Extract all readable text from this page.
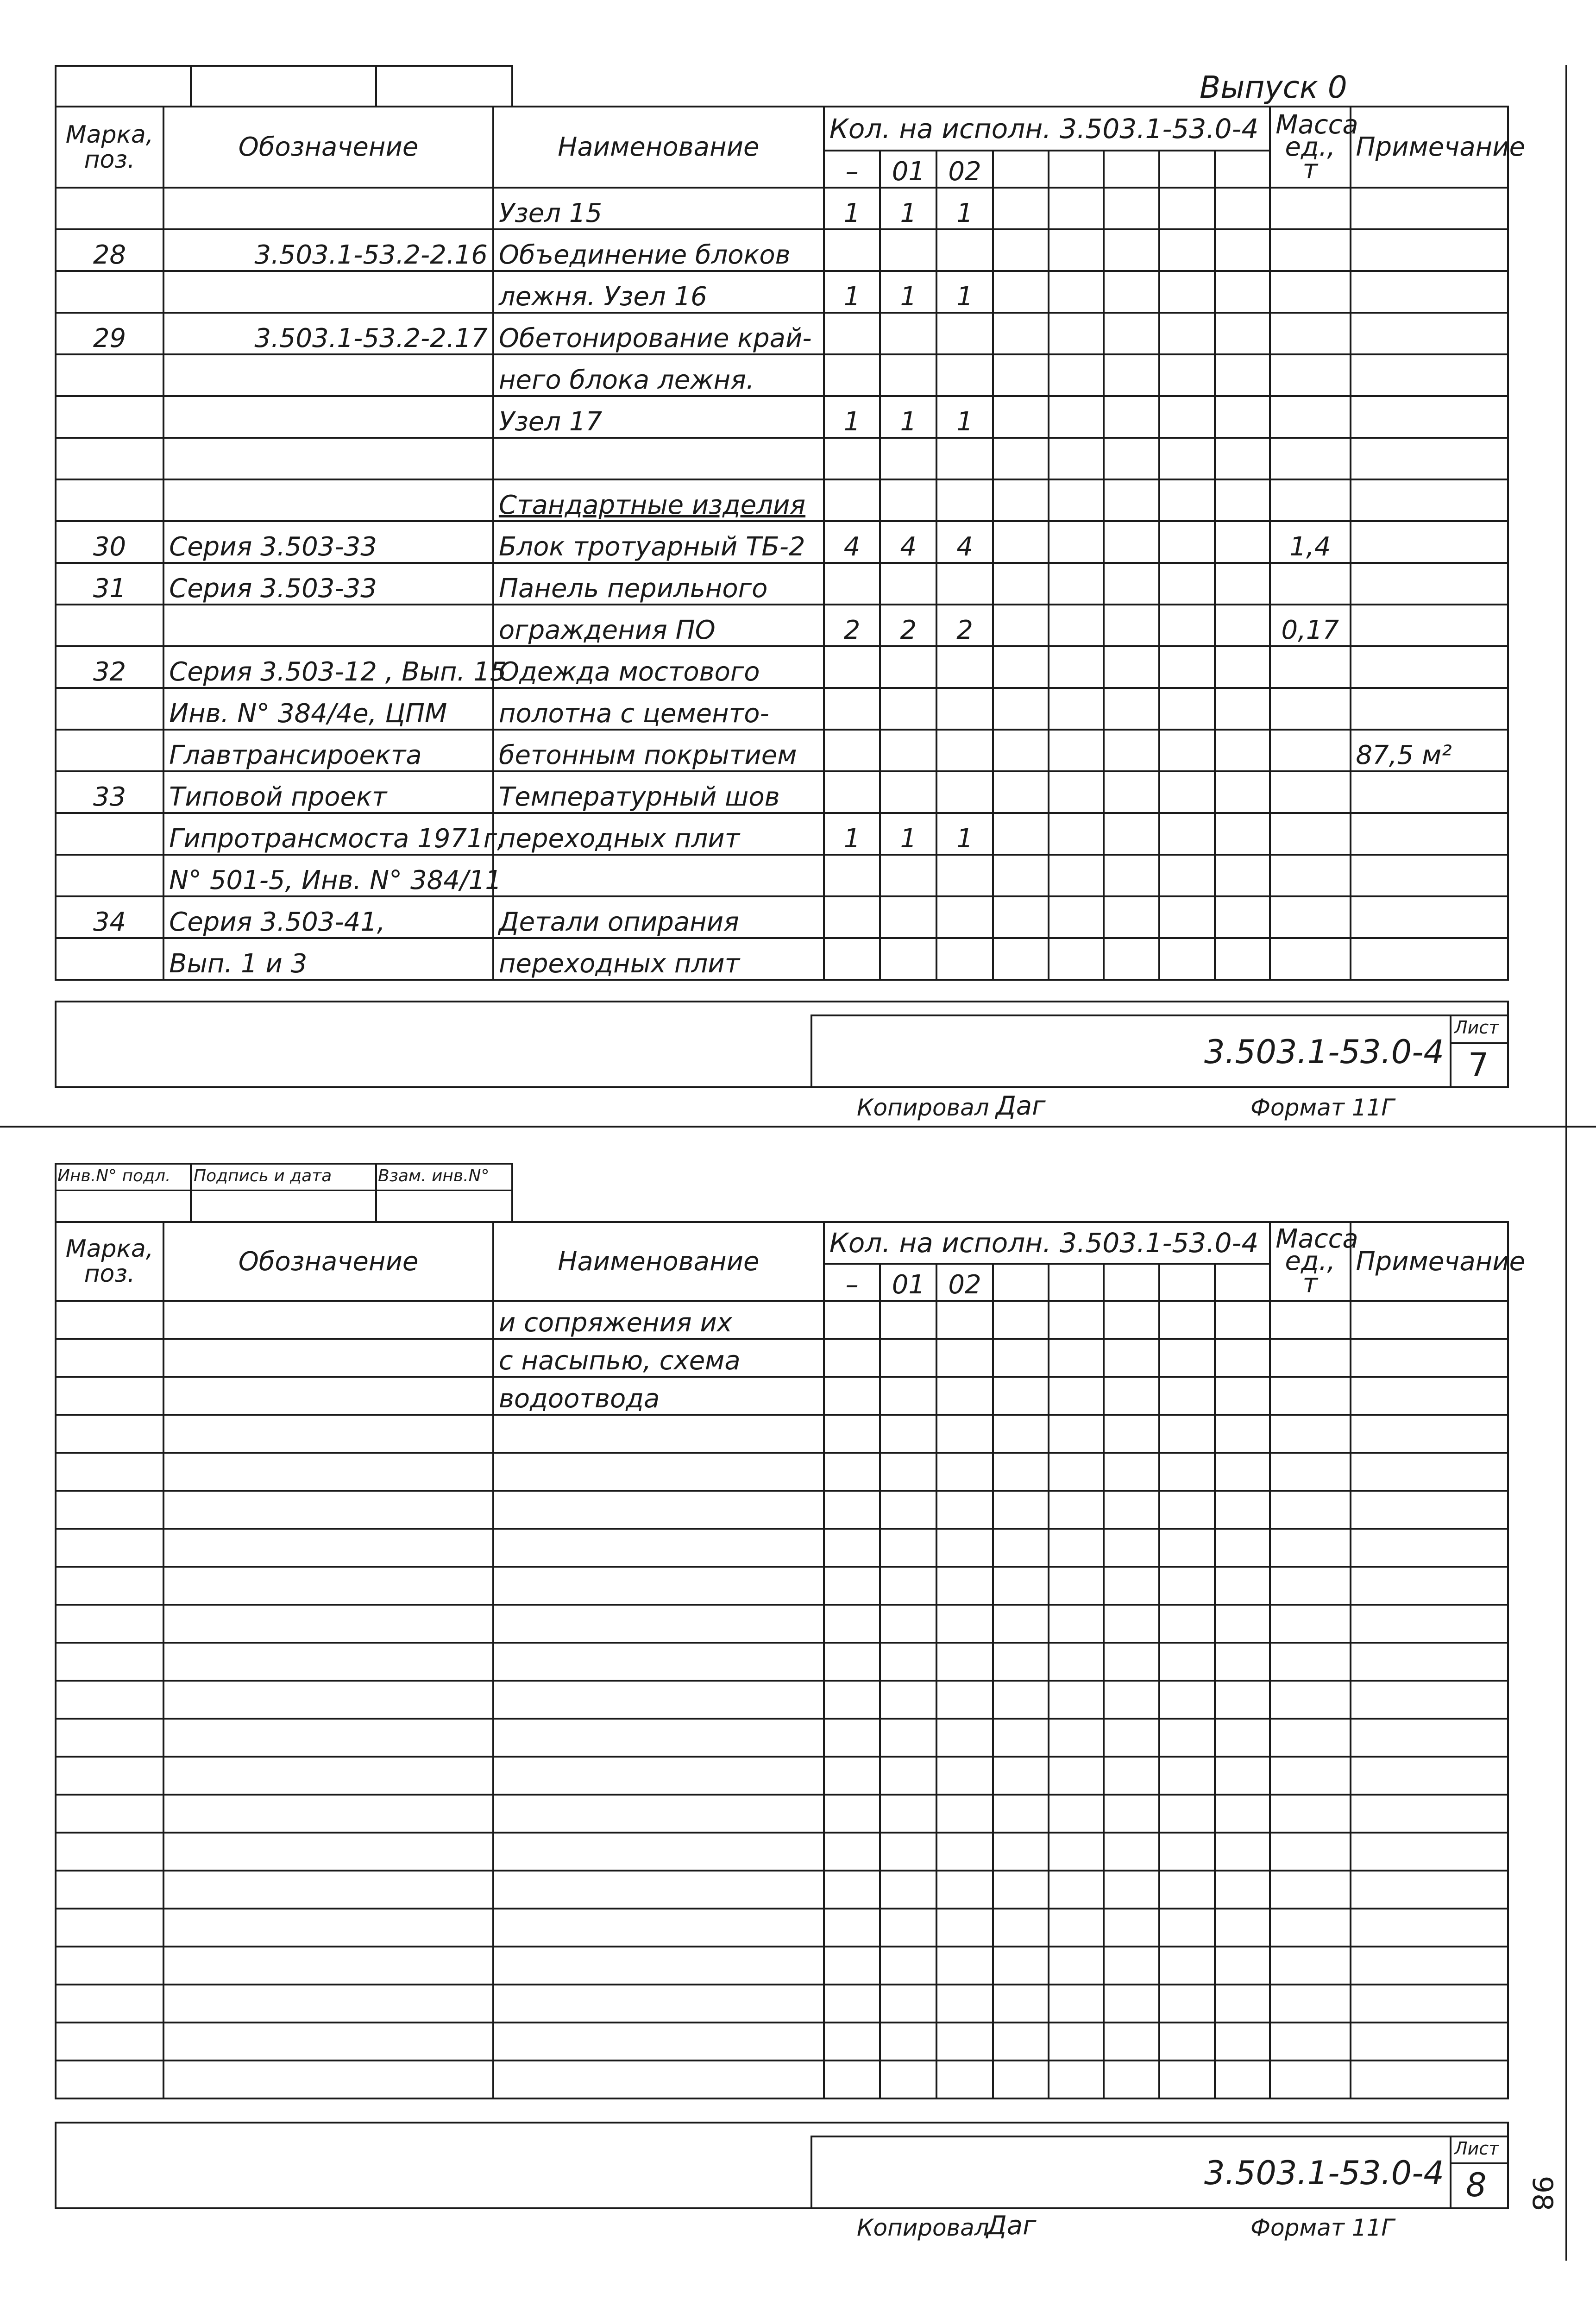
Выпуск 0
Марка, поз.	Обозначение	Наименование	Кол. на исполн. 3.503.1-53.0-4								Масса ед., т	Примечание
			–	01	02							
		Узел 15	1	1	1							
28	3.503.1-53.2-2.16	Объединение блоков										
		лежня. Узел 16	1	1	1							
29	3.503.1-53.2-2.17	Обетонирование край-										
		него блока лежня.										
		Узел 17	1	1	1							

		Стандартные изделия										
30	Серия 3.503-33	Блок тротуарный ТБ-2	4	4	4						1,4	
31	Серия 3.503-33	Панель перильного										
		ограждения ПО	2	2	2						0,17	
32	Серия 3.503-12 , Вып. 15	Одежда мостового										
	Инв. N° 384/4е, ЦПМ	полотна с цементо-										
	Главтрансироекта	бетонным покрытием										87,5 м²
33	Типовой проект	Температурный шов										
	Гипротрансмоста 1971г,	переходных плит	1	1	1							
	N° 501-5, Инв. N° 384/11											
34	Серия 3.503-41,	Детали опирания										
	Вып. 1 и 3	переходных плит										
3.503.1-53.0-4
Лист
7
Копировал Даг	Формат 11Г
Инв.N° подл. Подпись и дата	Взам. инв.N°
Марка, поз.	Обозначение	Наименование	Кол. на исполн. 3.503.1-53.0-4								Масса ед., т	Примечание
			–	01	02							
		и сопряжения их										
		с насыпью, схема										
		водоотвода										

3.503.1-53.0-4
Лист
8
Копировал
Даг	Формат 11Г
98
